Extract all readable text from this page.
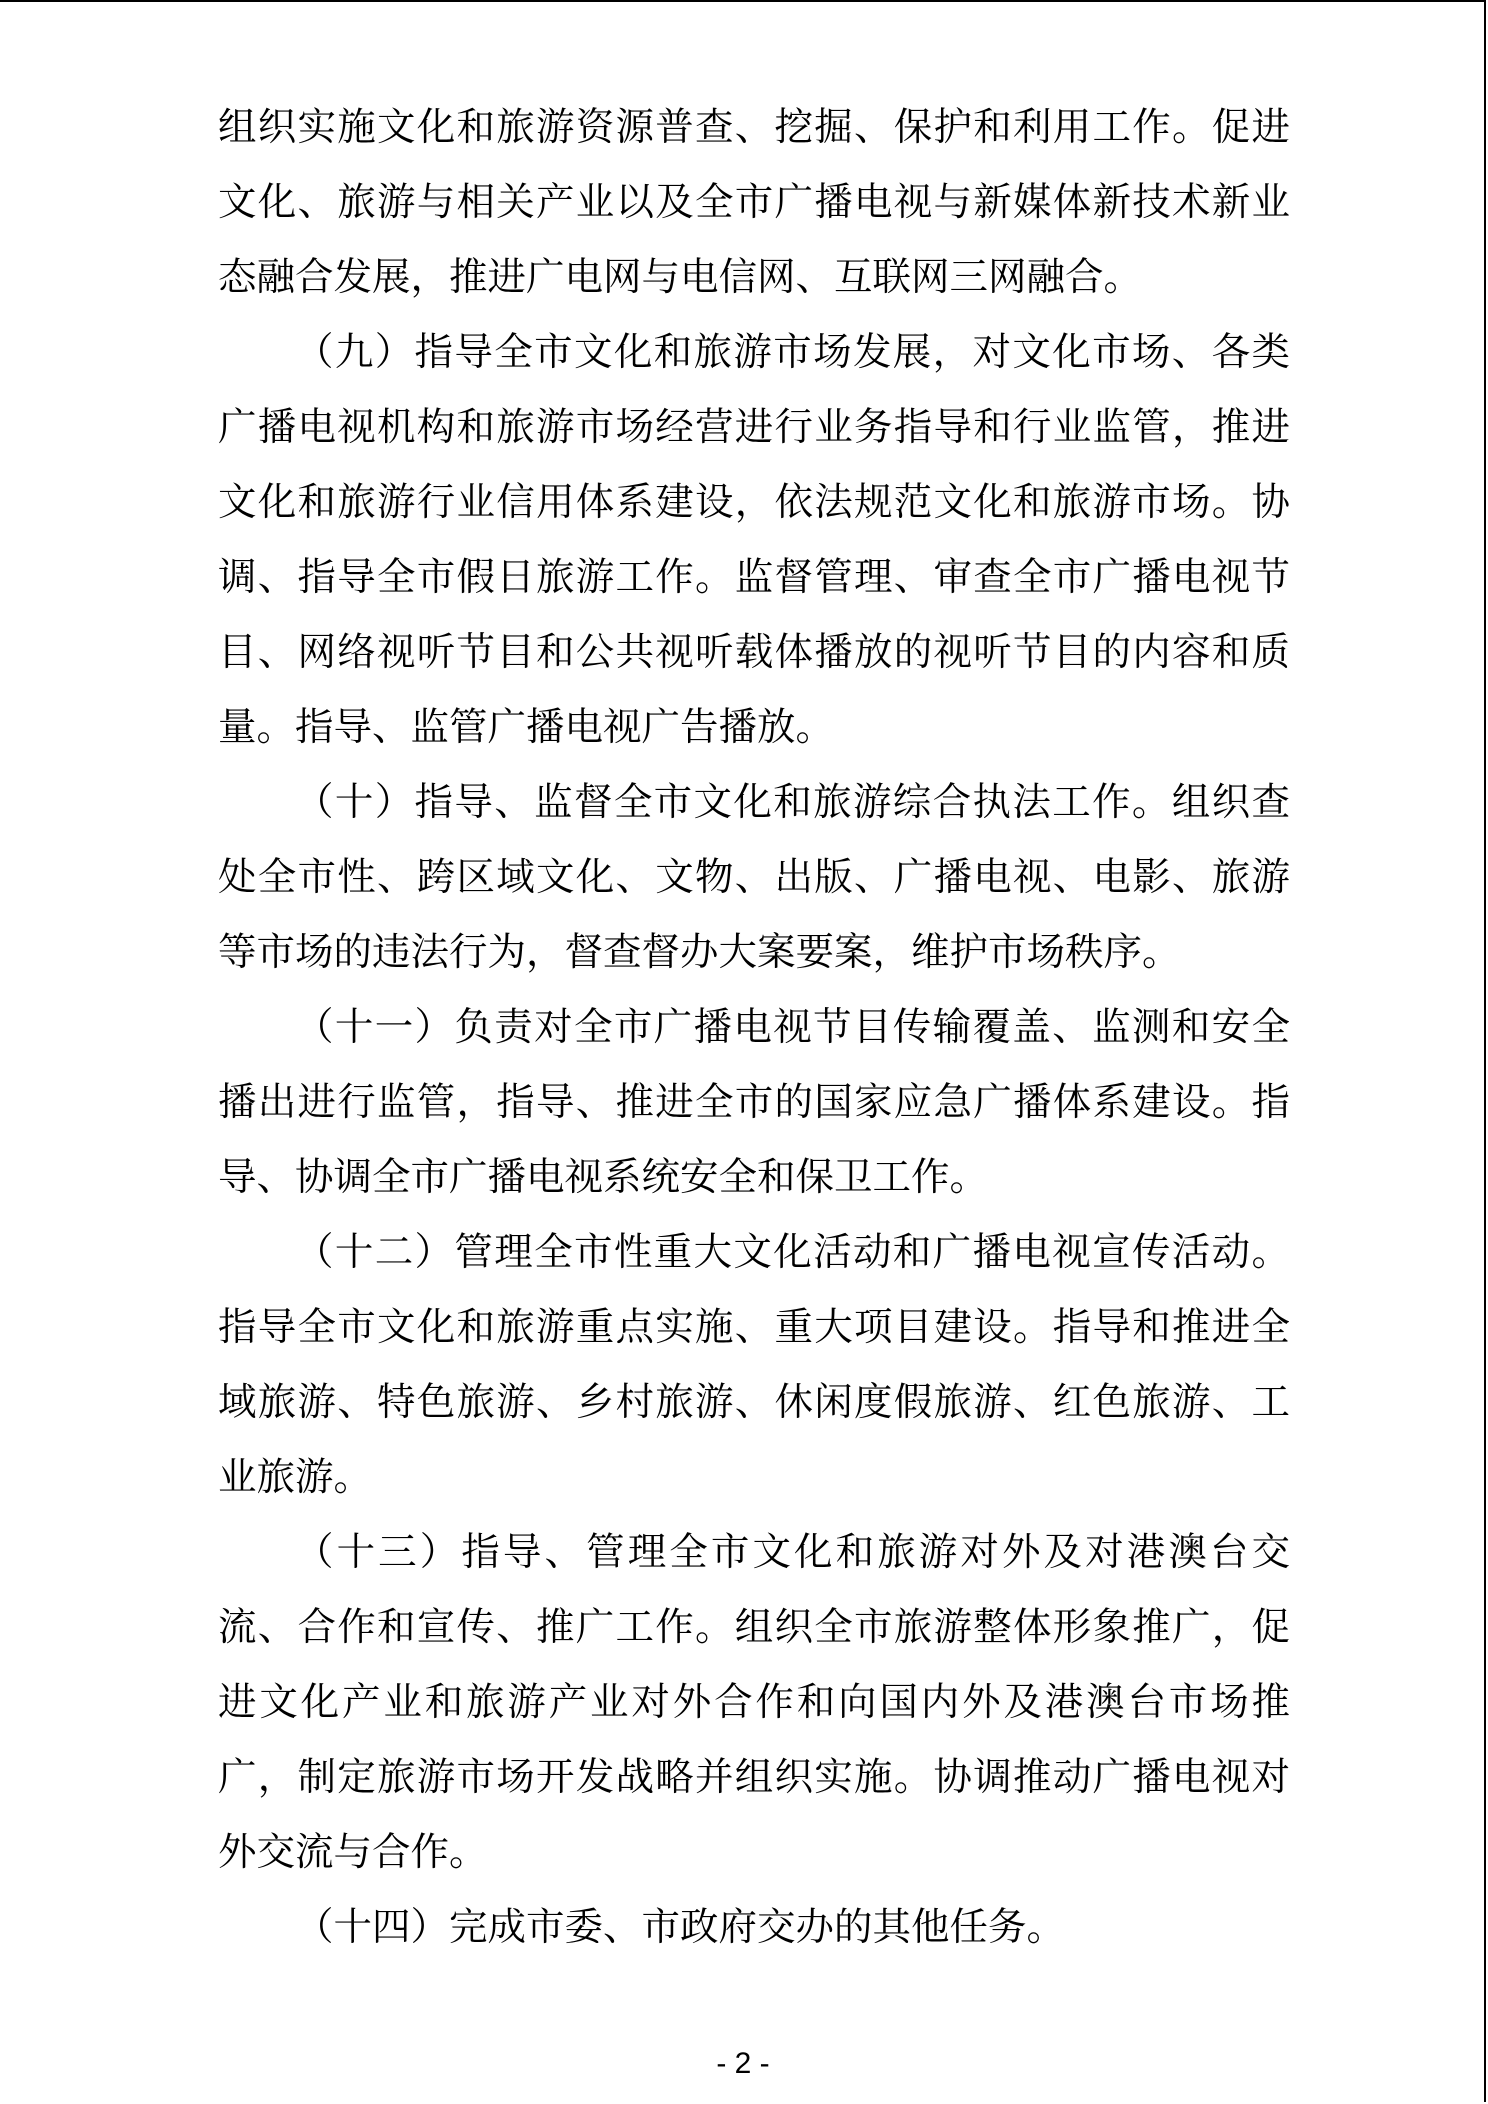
组织实施文化和旅游资源普查、挖掘、保护和利用工作。促进文化、旅游与相关产业以及全市广播电视与新媒体新技术新业态融合发展，推进广电网与电信网、互联网三网融合。

（九）指导全市文化和旅游市场发展，对文化市场、各类广播电视机构和旅游市场经营进行业务指导和行业监管，推进文化和旅游行业信用体系建设，依法规范文化和旅游市场。协调、指导全市假日旅游工作。监督管理、审查全市广播电视节目、网络视听节目和公共视听载体播放的视听节目的内容和质量。指导、监管广播电视广告播放。

（十）指导、监督全市文化和旅游综合执法工作。组织查处全市性、跨区域文化、文物、出版、广播电视、电影、旅游等市场的违法行为，督查督办大案要案，维护市场秩序。

（十一）负责对全市广播电视节目传输覆盖、监测和安全播出进行监管，指导、推进全市的国家应急广播体系建设。指导、协调全市广播电视系统安全和保卫工作。

（十二）管理全市性重大文化活动和广播电视宣传活动。指导全市文化和旅游重点实施、重大项目建设。指导和推进全域旅游、特色旅游、乡村旅游、休闲度假旅游、红色旅游、工业旅游。

（十三）指导、管理全市文化和旅游对外及对港澳台交流、合作和宣传、推广工作。组织全市旅游整体形象推广，促进文化产业和旅游产业对外合作和向国内外及港澳台市场推广，制定旅游市场开发战略并组织实施。协调推动广播电视对外交流与合作。

（十四）完成市委、市政府交办的其他任务。

- 2 -
